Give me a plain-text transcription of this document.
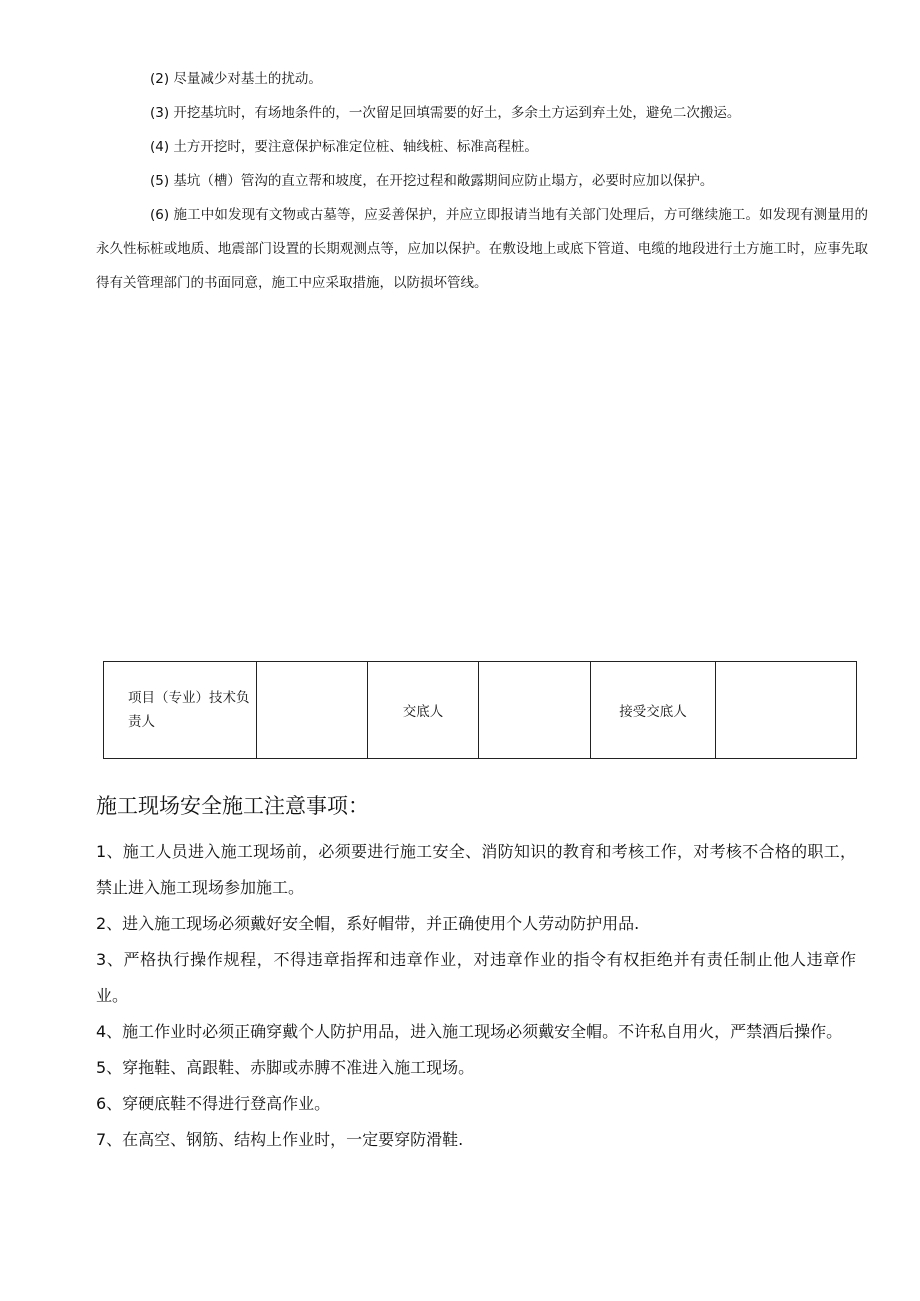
(2) 尽量减少对基土的扰动。

(3) 开挖基坑时，有场地条件的，一次留足回填需要的好土，多余土方运到弃土处，避免二次搬运。

(4) 土方开挖时，要注意保护标准定位桩、轴线桩、标准高程桩。

(5) 基坑（槽）管沟的直立帮和坡度，在开挖过程和敞露期间应防止塌方，必要时应加以保护。

(6) 施工中如发现有文物或古墓等，应妥善保护，并应立即报请当地有关部门处理后，方可继续施工。如发现有测量用的永久性标桩或地质、地震部门设置的长期观测点等，应加以保护。在敷设地上或底下管道、电缆的地段进行土方施工时，应事先取得有关管理部门的书面同意，施工中应采取措施，以防损坏管线。

项目（专业）技术负责人		交底人		接受交底人	
施工现场安全施工注意事项：

1、施工人员进入施工现场前，必须要进行施工安全、消防知识的教育和考核工作，对考核不合格的职工，禁止进入施工现场参加施工。

2、进入施工现场必须戴好安全帽，系好帽带，并正确使用个人劳动防护用品.

3、严格执行操作规程，不得违章指挥和违章作业，对违章作业的指令有权拒绝并有责任制止他人违章作业。

4、施工作业时必须正确穿戴个人防护用品，进入施工现场必须戴安全帽。不许私自用火，严禁酒后操作。

5、穿拖鞋、高跟鞋、赤脚或赤膊不准进入施工现场。

6、穿硬底鞋不得进行登高作业。

7、在高空、钢筋、结构上作业时，一定要穿防滑鞋.
